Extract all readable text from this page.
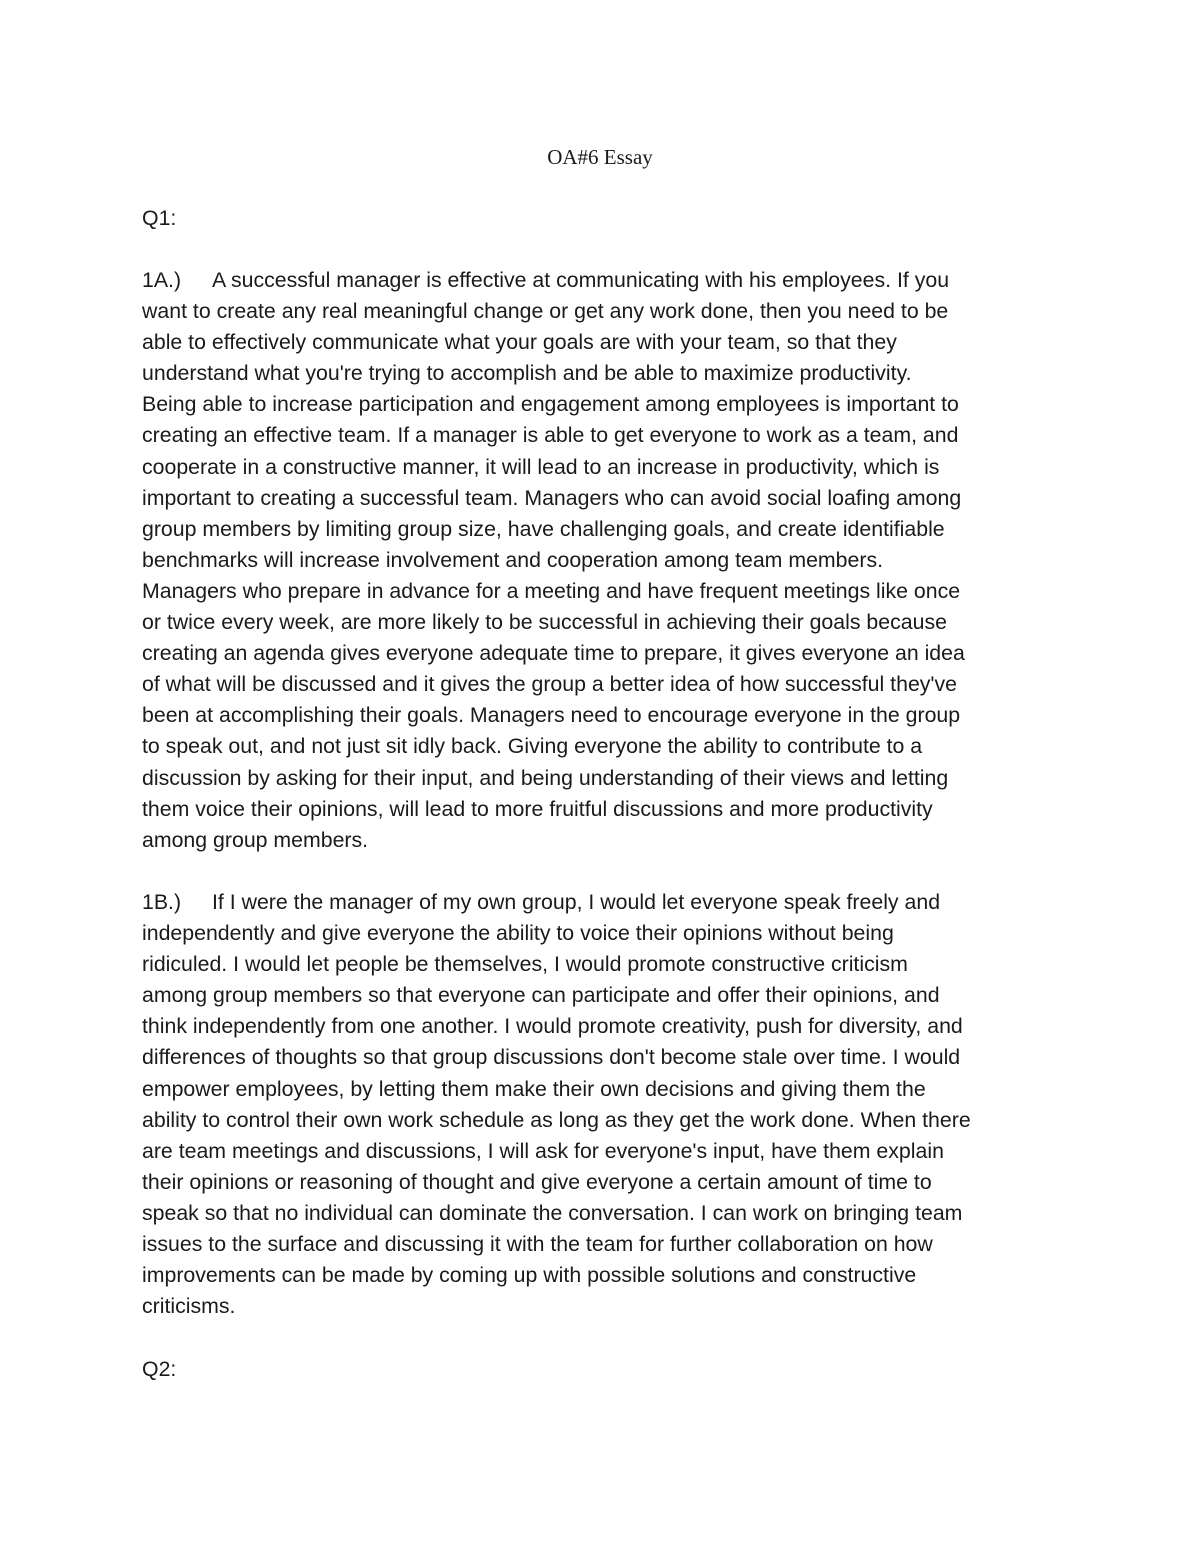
OA#6 Essay

Q1:

1A.) A successful manager is effective at communicating with his employees. If you
want to create any real meaningful change or get any work done, then you need to be
able to effectively communicate what your goals are with your team, so that they
understand what you're trying to accomplish and be able to maximize productivity.
Being able to increase participation and engagement among employees is important to
creating an effective team. If a manager is able to get everyone to work as a team, and
cooperate in a constructive manner, it will lead to an increase in productivity, which is
important to creating a successful team. Managers who can avoid social loafing among
group members by limiting group size, have challenging goals, and create identifiable
benchmarks will increase involvement and cooperation among team members.
Managers who prepare in advance for a meeting and have frequent meetings like once
or twice every week, are more likely to be successful in achieving their goals because
creating an agenda gives everyone adequate time to prepare, it gives everyone an idea
of what will be discussed and it gives the group a better idea of how successful they've
been at accomplishing their goals. Managers need to encourage everyone in the group
to speak out, and not just sit idly back. Giving everyone the ability to contribute to a
discussion by asking for their input, and being understanding of their views and letting
them voice their opinions, will lead to more fruitful discussions and more productivity
among group members.
1B.) If I were the manager of my own group, I would let everyone speak freely and
independently and give everyone the ability to voice their opinions without being
ridiculed. I would let people be themselves, I would promote constructive criticism
among group members so that everyone can participate and offer their opinions, and
think independently from one another. I would promote creativity, push for diversity, and
differences of thoughts so that group discussions don't become stale over time. I would
empower employees, by letting them make their own decisions and giving them the
ability to control their own work schedule as long as they get the work done. When there
are team meetings and discussions, I will ask for everyone's input, have them explain
their opinions or reasoning of thought and give everyone a certain amount of time to
speak so that no individual can dominate the conversation. I can work on bringing team
issues to the surface and discussing it with the team for further collaboration on how
improvements can be made by coming up with possible solutions and constructive
criticisms.

Q2:
